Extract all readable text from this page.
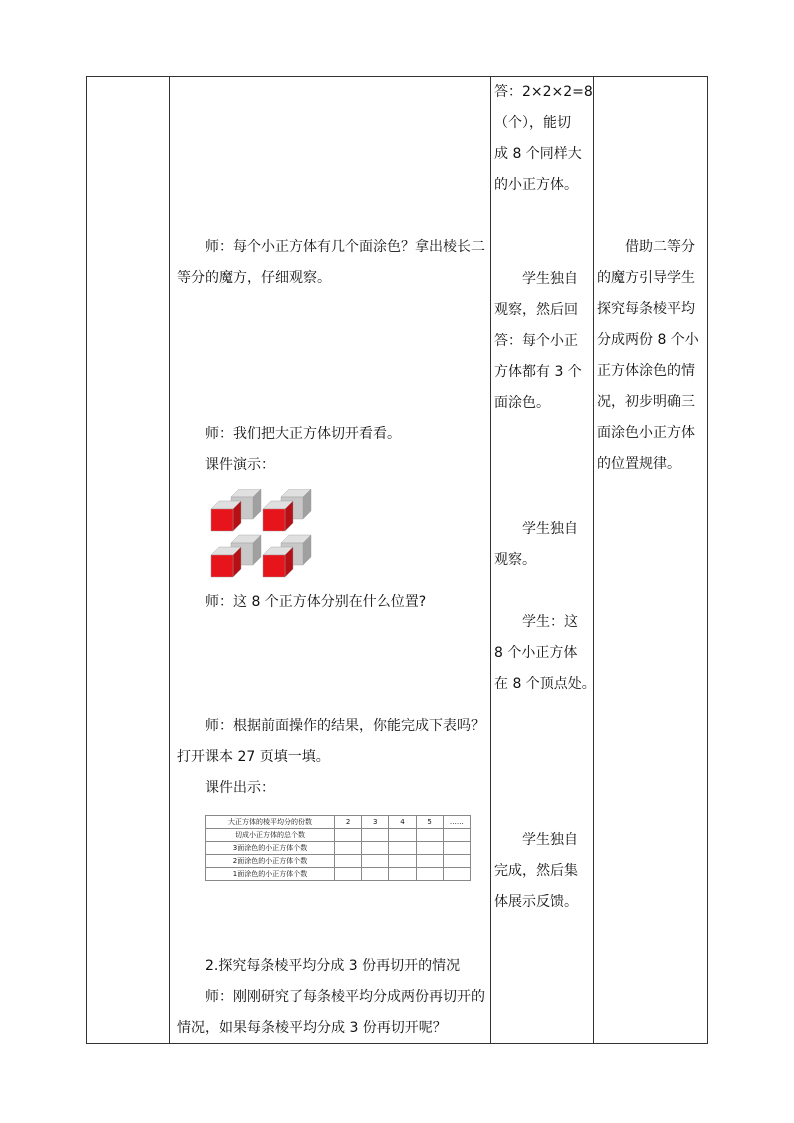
师：每个小正方体有几个面涂色？拿出棱长二
等分的魔方，仔细观察。
师：我们把大正方体切开看看。
课件演示：
师：这 8 个正方体分别在什么位置?
师：根据前面操作的结果，你能完成下表吗？
打开课本 27 页填一填。
课件出示：
2.探究每条棱平均分成 3 份再切开的情况
师：刚刚研究了每条棱平均分成两份再切开的
情况，如果每条棱平均分成 3 份再切开呢？
答：2×2×2=8
（个），能切
成 8 个同样大
的小正方体。
学生独自
观察，然后回
答：每个小正
方体都有 3 个
面涂色。
学生独自
观察。
学生：这
8 个小正方体
在 8 个顶点处。
学生独自
完成，然后集
体展示反馈。
借助二等分
的魔方引导学生
探究每条棱平均
分成两份 8 个小
正方体涂色的情
况，初步明确三
面涂色小正方体
的位置规律。
大正方体的棱平均分的份数	2	3	4	5	……
切成小正方体的总个数					
3面涂色的小正方体个数					
2面涂色的小正方体个数					
1面涂色的小正方体个数					
